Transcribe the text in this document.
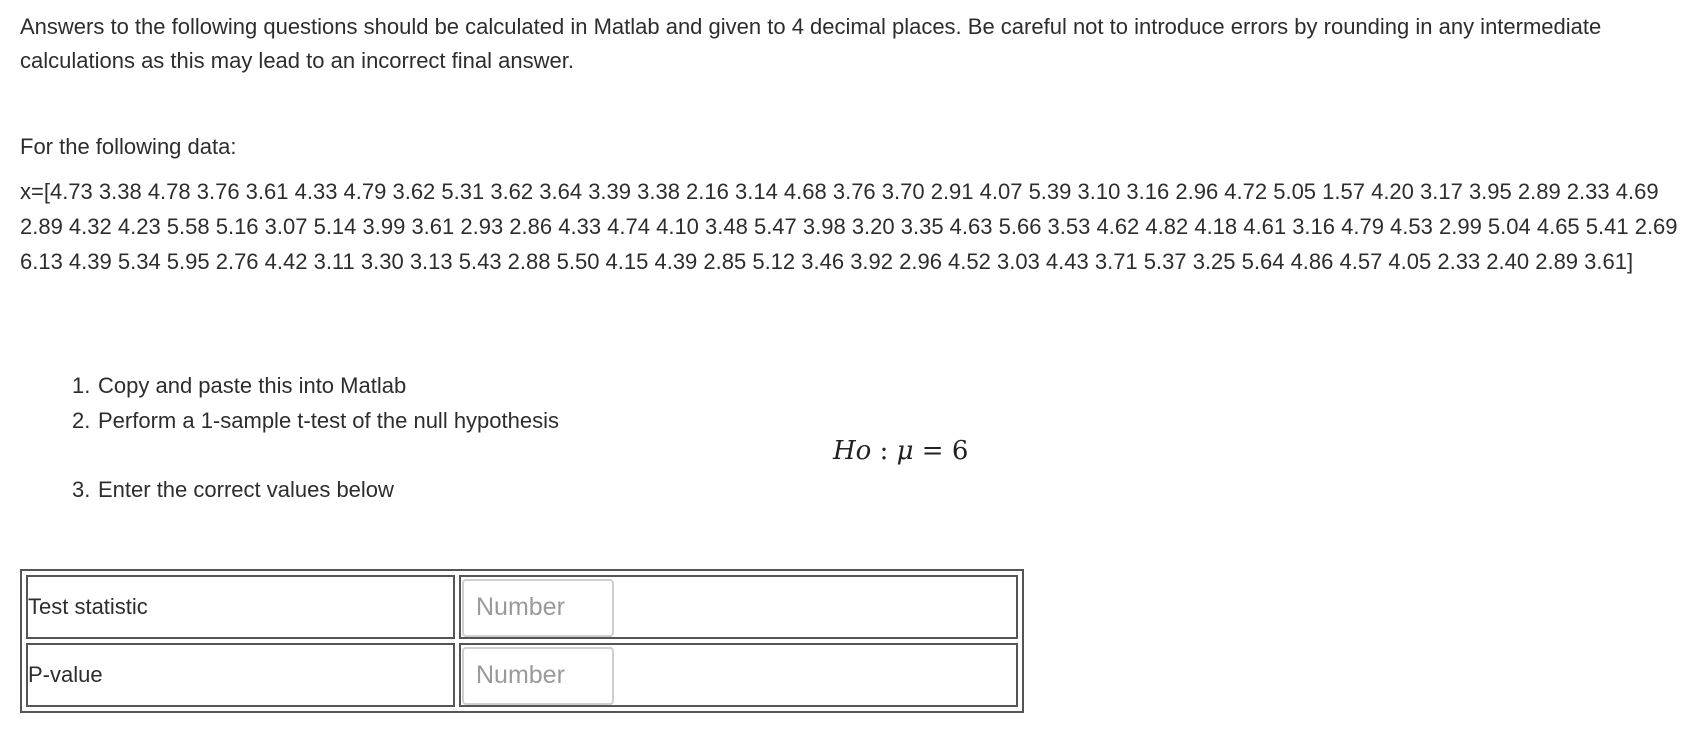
Answers to the following questions should be calculated in Matlab and given to 4 decimal places. Be careful not to introduce errors by rounding in any intermediate calculations as this may lead to an incorrect final answer.

For the following data:

x=[4.73 3.38 4.78 3.76 3.61 4.33 4.79 3.62 5.31 3.62 3.64 3.39 3.38 2.16 3.14 4.68 3.76 3.70 2.91 4.07 5.39 3.10 3.16 2.96 4.72 5.05 1.57 4.20 3.17 3.95 2.89 2.33 4.69 2.89 4.32 4.23 5.58 5.16 3.07 5.14 3.99 3.61 2.93 2.86 4.33 4.74 4.10 3.48 5.47 3.98 3.20 3.35 4.63 5.66 3.53 4.62 4.82 4.18 4.61 3.16 4.79 4.53 2.99 5.04 4.65 5.41 2.69 6.13 4.39 5.34 5.95 2.76 4.42 3.11 3.30 3.13 5.43 2.88 5.50 4.15 4.39 2.85 5.12 3.46 3.92 2.96 4.52 3.03 4.43 3.71 5.37 3.25 5.64 4.86 4.57 4.05 2.33 2.40 2.89 3.61]

1. Copy and paste this into Matlab
2. Perform a 1-sample t-test of the null hypothesis
Ho : μ = 6

3. Enter the correct values below

Test statistic	
Number
P-value	
Number
